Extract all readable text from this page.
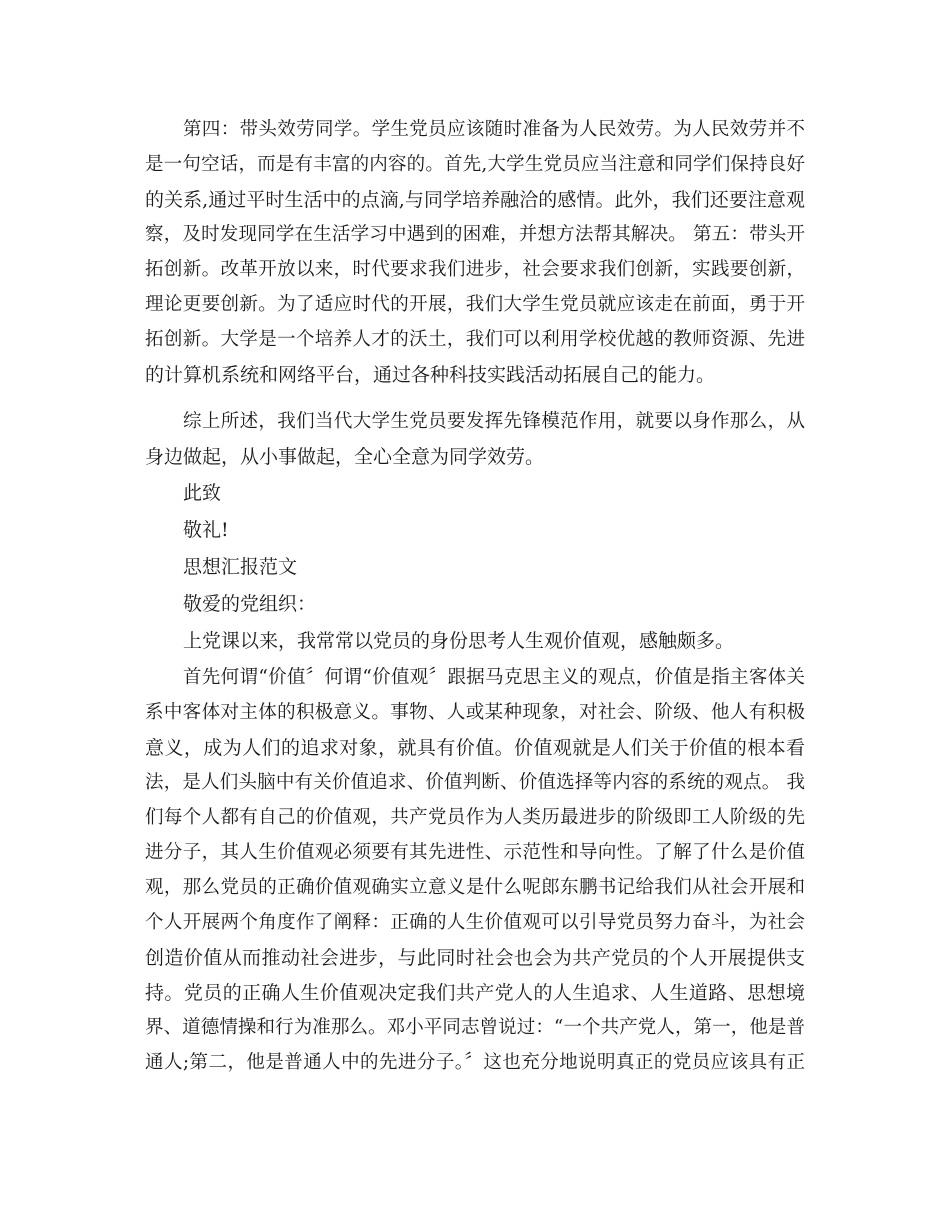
第四：带头效劳同学。学生党员应该随时准备为人民效劳。为人民效劳并不
是一句空话，而是有丰富的内容的。首先,大学生党员应当注意和同学们保持良好
的关系,通过平时生活中的点滴,与同学培养融洽的感情。此外，我们还要注意观
察，及时发现同学在生活学习中遇到的困难，并想方法帮其解决。 第五：带头开
拓创新。改革开放以来，时代要求我们进步，社会要求我们创新，实践要创新，
理论更要创新。为了适应时代的开展，我们大学生党员就应该走在前面，勇于开
拓创新。大学是一个培养人才的沃土，我们可以利用学校优越的教师资源、先进
的计算机系统和网络平台，通过各种科技实践活动拓展自己的能力。
综上所述，我们当代大学生党员要发挥先锋模范作用，就要以身作那么，从
身边做起，从小事做起，全心全意为同学效劳。
此致
敬礼!
思想汇报范文
敬爱的党组织：
上党课以来，我常常以党员的身份思考人生观价值观，感触颇多。
首先何谓“价值〞何谓“价值观〞跟据马克思主义的观点，价值是指主客体关
系中客体对主体的积极意义。事物、人或某种现象，对社会、阶级、他人有积极
意义，成为人们的追求对象，就具有价值。价值观就是人们关于价值的根本看
法，是人们头脑中有关价值追求、价值判断、价值选择等内容的系统的观点。 我
们每个人都有自己的价值观，共产党员作为人类历最进步的阶级即工人阶级的先
进分子，其人生价值观必须要有其先进性、示范性和导向性。了解了什么是价值
观，那么党员的正确价值观确实立意义是什么呢郎东鹏书记给我们从社会开展和
个人开展两个角度作了阐释：正确的人生价值观可以引导党员努力奋斗，为社会
创造价值从而推动社会进步，与此同时社会也会为共产党员的个人开展提供支
持。党员的正确人生价值观决定我们共产党人的人生追求、人生道路、思想境
界、道德情操和行为准那么。邓小平同志曾说过：“一个共产党人，第一，他是普
通人;第二，他是普通人中的先进分子。〞这也充分地说明真正的党员应该具有正
